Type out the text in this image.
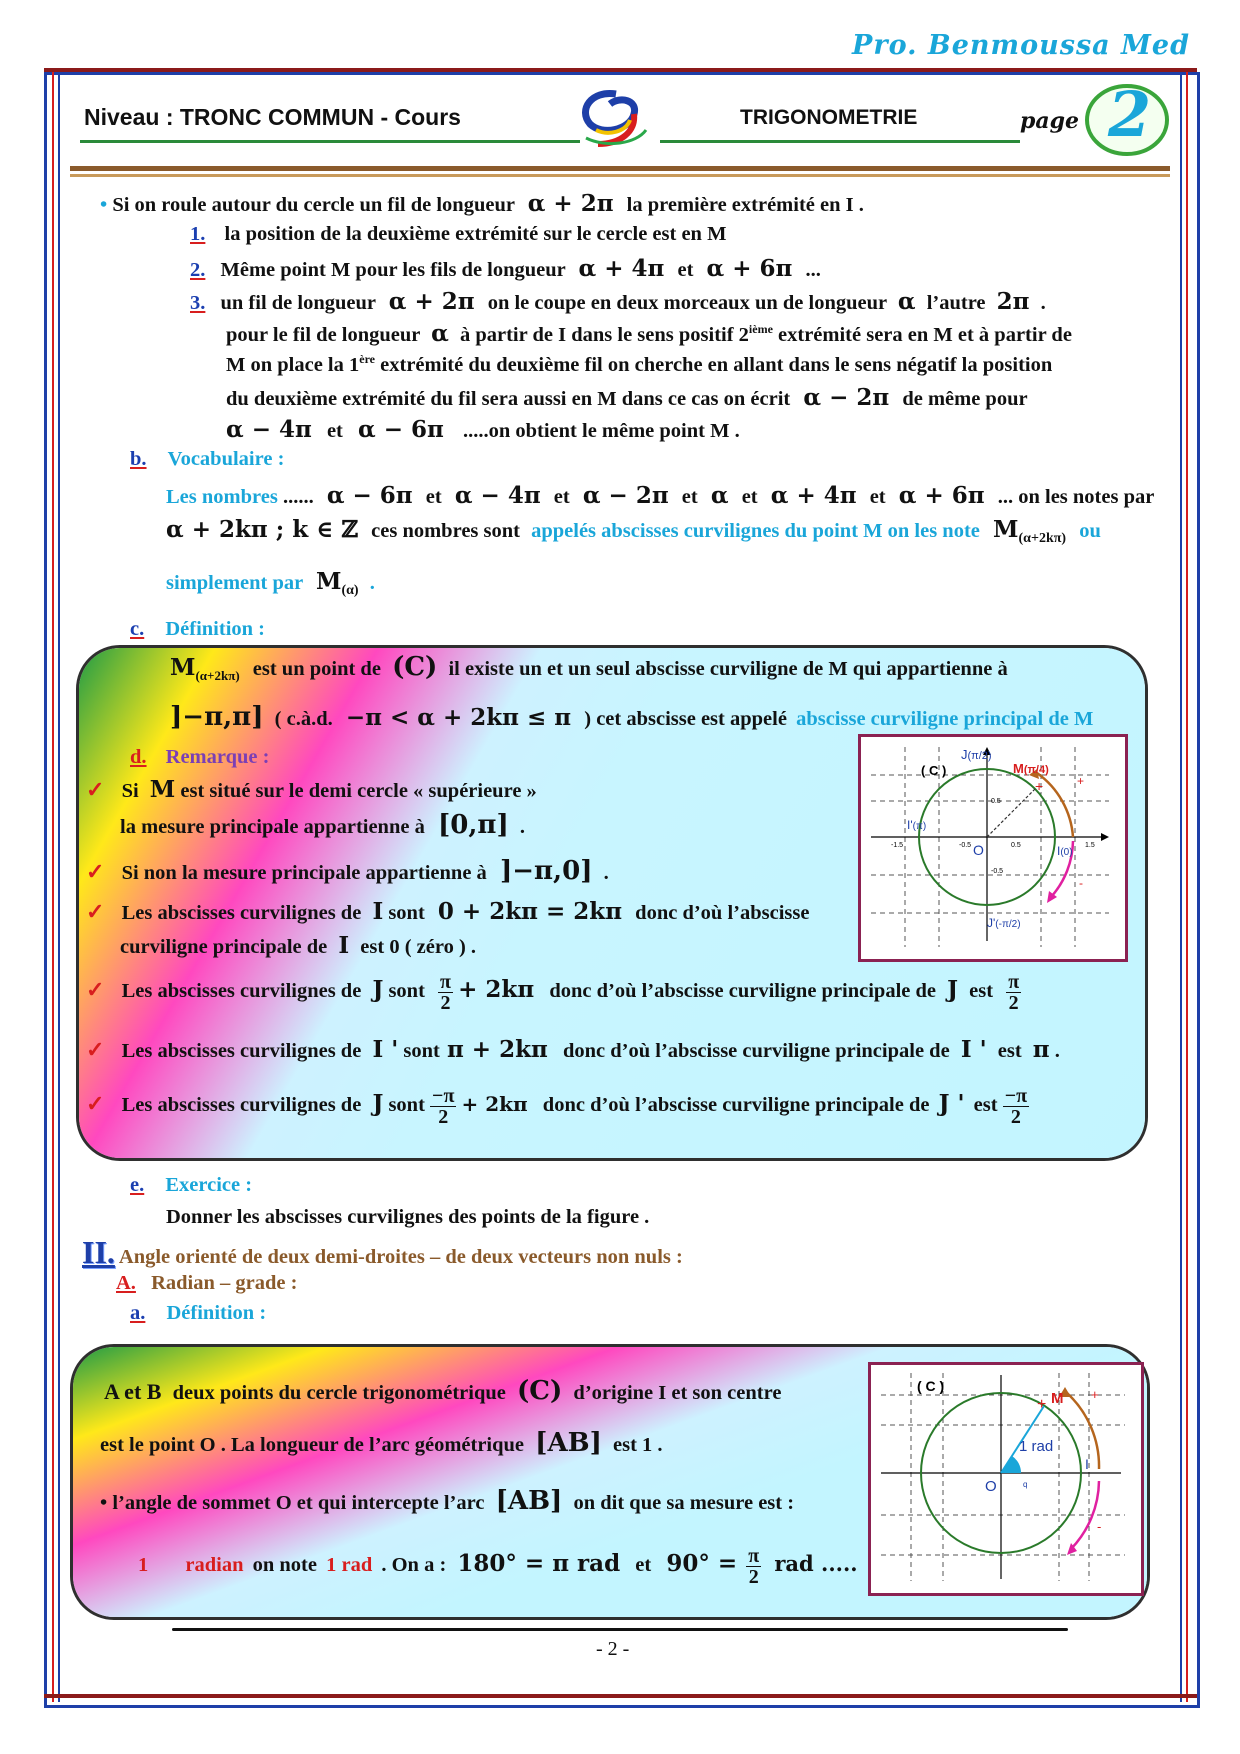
Pro. Benmoussa Med
Niveau : TRONC COMMUN - Cours	TRIGONOMETRIE	page 2
• Si on roule autour du cercle un fil de longueur α + 2π la première extrémité en I .
1. la position de la deuxième extrémité sur le cercle est en M
2. Même point M pour les fils de longueur α + 4π et α + 6π ...
3. un fil de longueur α + 2π on le coupe en deux morceaux un de longueur α l’autre 2π .
pour le fil de longueur α à partir de I dans le sens positif 2ième extrémité sera en M et à partir de
M on place la 1ère extrémité du deuxième fil on cherche en allant dans le sens négatif la position
du deuxième extrémité du fil sera aussi en M dans ce cas on écrit α − 2π de même pour
α − 4π et α − 6π .....on obtient le même point M .
b. Vocabulaire :
Les nombres ...... α − 6π et α − 4π et α − 2π et α et α + 4π et α + 6π ... on les notes par
α + 2kπ ; k ∈ ℤ ces nombres sont appelés abscisses curvilignes du point M on les note $M_{(\alpha+2k\pi)}$ ou
simplement par $M_{(\alpha)}$ .
c. Définition :
$M_{(\alpha+2k\pi)}$ est un point de (C) il existe un et un seul abscisse curviligne de M qui appartienne à
]−π,π] ( c.à.d. −π < α + 2kπ ≤ π ) cet abscisse est appelé abscisse curviligne principal de M
d. Remarque :
✓ Si M est situé sur le demi cercle « supérieure »
la mesure principale appartienne à [0,π] .
✓ Si non la mesure principale appartienne à ]−π,0] .
✓ Les abscisses curvilignes de I sont 0 + 2kπ = 2kπ donc d’où l’abscisse
curviligne principale de I est 0 ( zéro ) .
✓ Les abscisses curvilignes de J sont $\frac{\pi}{2} + 2k\pi$ donc d’où l’abscisse curviligne principale de J est $\frac{\pi}{2}$
✓ Les abscisses curvilignes de I ' sont π + 2kπ donc d’où l’abscisse curviligne principale de I ' est π .
✓ Les abscisses curvilignes de J sont $\frac{-\pi}{2} + 2k\pi$ donc d’où l’abscisse curviligne principale de J ' est $\frac{-\pi}{2}$
+
( C )
J(π/2)
M(π/4)
+
-
I'(π)
I(0)
O
J'(-π/2)
-1.5	-0.5	0.5	1.5
0.5
-0.5
e. Exercice :
Donner les abscisses curvilignes des points de la figure .
II. Angle orienté de deux demi-droites – de deux vecteurs non nuls :
A. Radian – grade :
a. Définition :
A et B deux points du cercle trigonométrique (C) d’origine I et son centre
est le point O . La longueur de l’arc géométrique [AB] est 1 .
• l’angle de sommet O et qui intercepte l’arc [AB] on dit que sa mesure est :
1 radian on note 1 rad . On a : 180° = π rad et $90^\circ = \frac{\pi}{2}$ rad .....
+
( C )
M +
-
1 rad
O
I
q
- 2 -
